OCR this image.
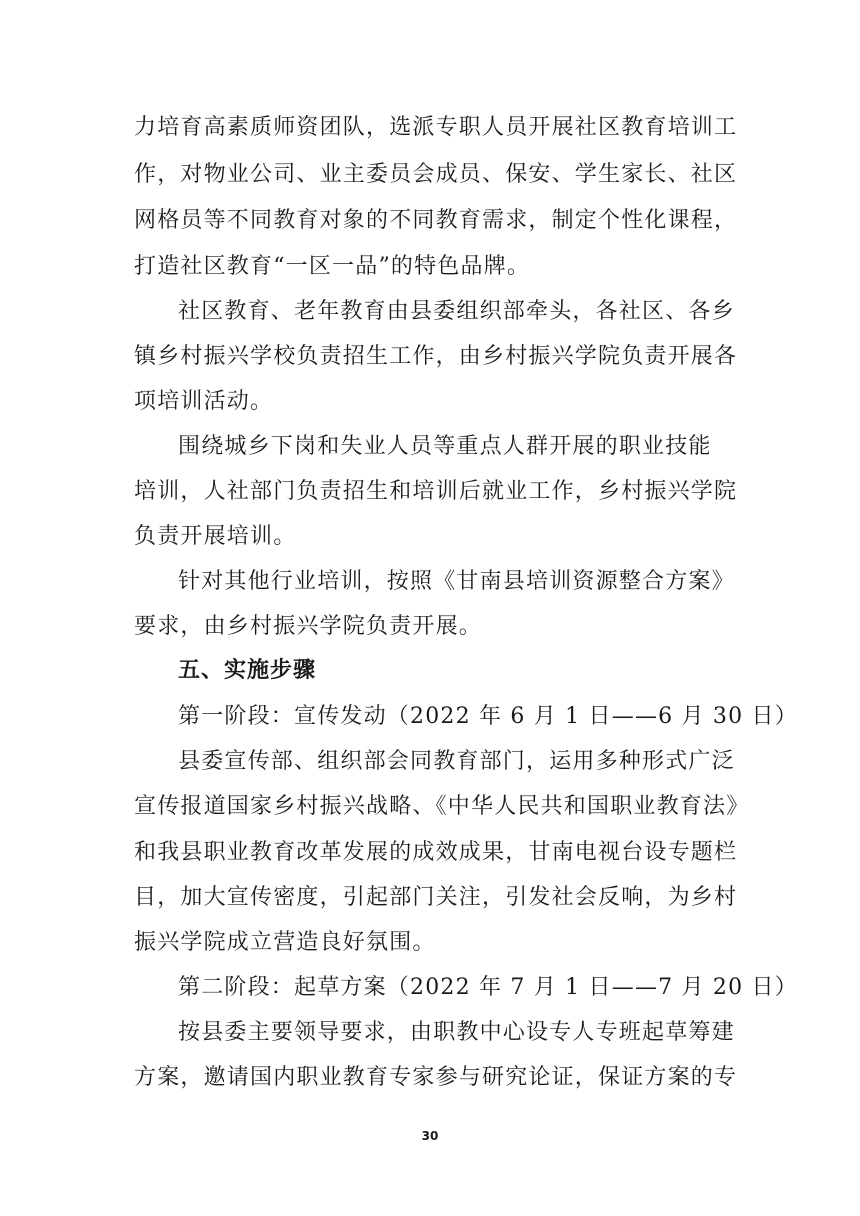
力培育高素质师资团队，选派专职人员开展社区教育培训工
作，对物业公司、业主委员会成员、保安、学生家长、社区
网格员等不同教育对象的不同教育需求，制定个性化课程，
打造社区教育“一区一品”的特色品牌。
社区教育、老年教育由县委组织部牵头，各社区、各乡
镇乡村振兴学校负责招生工作，由乡村振兴学院负责开展各
项培训活动。
围绕城乡下岗和失业人员等重点人群开展的职业技能
培训，人社部门负责招生和培训后就业工作，乡村振兴学院
负责开展培训。
针对其他行业培训，按照《甘南县培训资源整合方案》
要求，由乡村振兴学院负责开展。
五、实施步骤
第一阶段：宣传发动（2022 年 6 月 1 日——6 月 30 日）
县委宣传部、组织部会同教育部门，运用多种形式广泛
宣传报道国家乡村振兴战略、《中华人民共和国职业教育法》
和我县职业教育改革发展的成效成果，甘南电视台设专题栏
目，加大宣传密度，引起部门关注，引发社会反响，为乡村
振兴学院成立营造良好氛围。
第二阶段：起草方案（2022 年 7 月 1 日——7 月 20 日）
按县委主要领导要求，由职教中心设专人专班起草筹建
方案，邀请国内职业教育专家参与研究论证，保证方案的专
30
